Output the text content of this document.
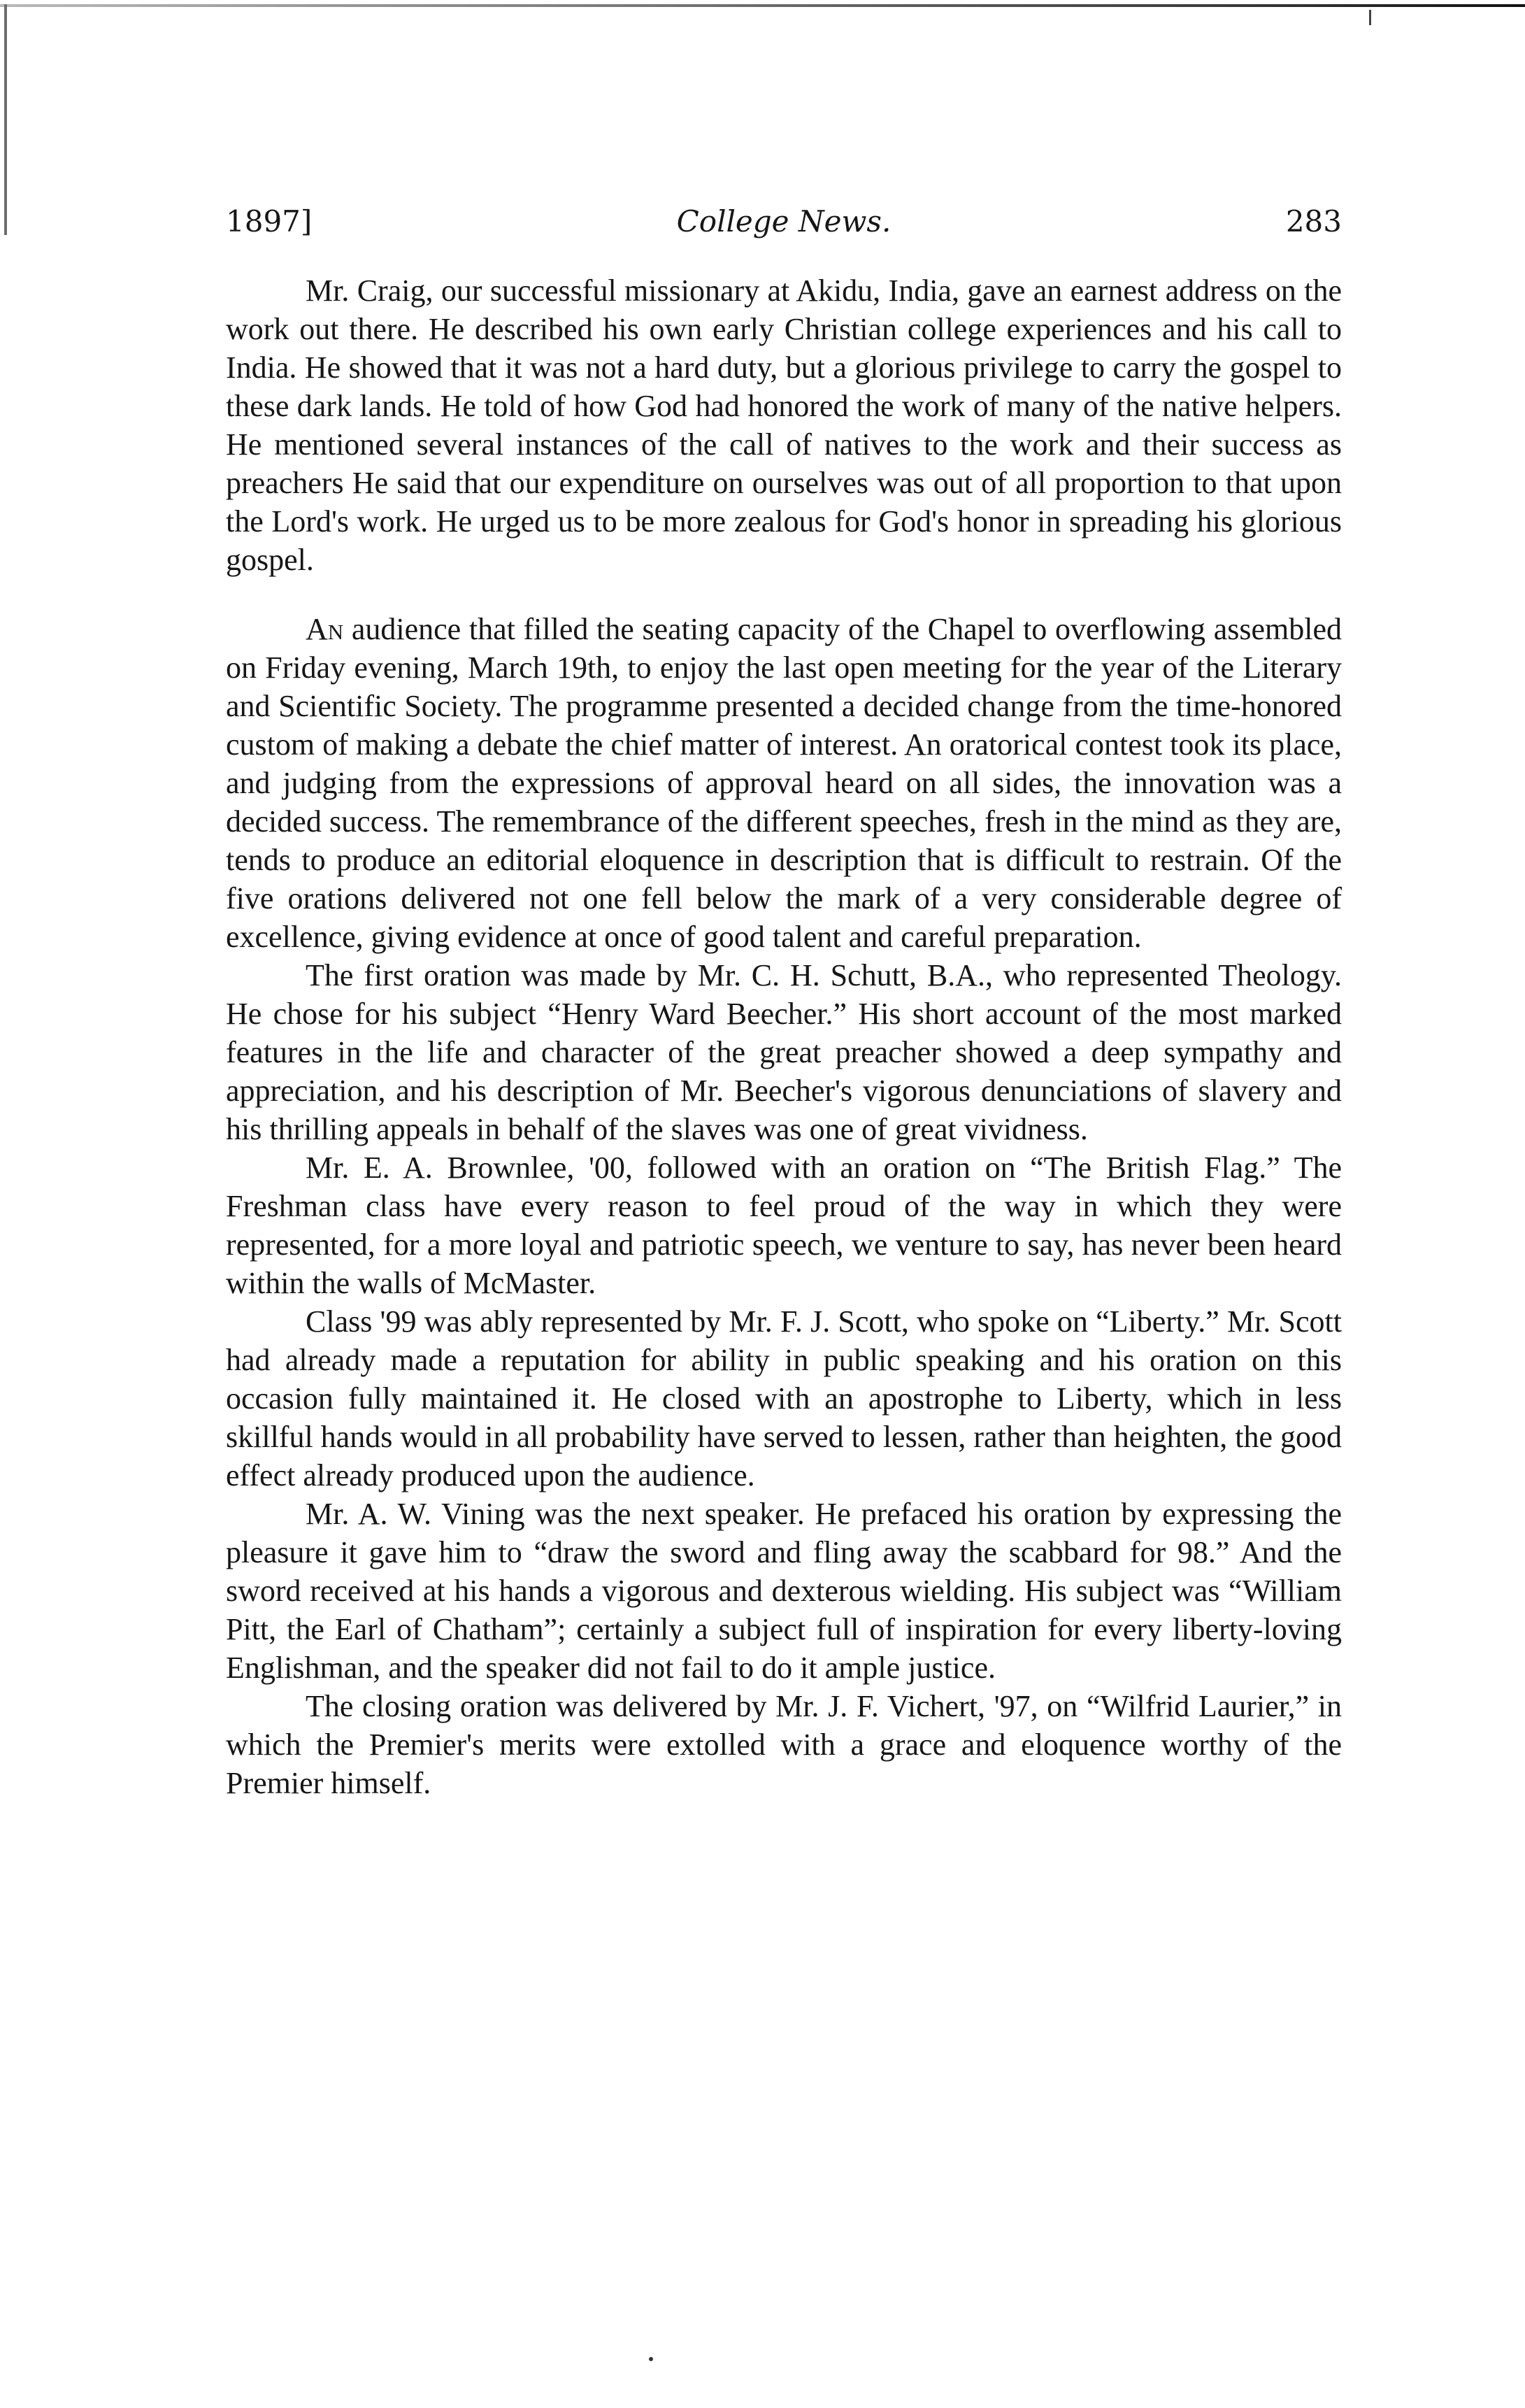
1897]	College News.	283

Mr. Craig, our successful missionary at Akidu, India, gave an earnest address on the work out there. He described his own early Christian college experiences and his call to India. He showed that it was not a hard duty, but a glorious privilege to carry the gospel to these dark lands. He told of how God had honored the work of many of the native helpers. He mentioned several instances of the call of natives to the work and their success as preachers He said that our expenditure on ourselves was out of all proportion to that upon the Lord's work. He urged us to be more zealous for God's honor in spreading his glorious gospel.

An audience that filled the seating capacity of the Chapel to overflowing assembled on Friday evening, March 19th, to enjoy the last open meeting for the year of the Literary and Scientific Society. The programme presented a decided change from the time-honored custom of making a debate the chief matter of interest. An oratorical contest took its place, and judging from the expressions of approval heard on all sides, the innovation was a decided success. The remembrance of the different speeches, fresh in the mind as they are, tends to produce an editorial eloquence in description that is difficult to restrain. Of the five orations delivered not one fell below the mark of a very considerable degree of excellence, giving evidence at once of good talent and careful preparation.

The first oration was made by Mr. C. H. Schutt, B.A., who represented Theology. He chose for his subject “Henry Ward Beecher.” His short account of the most marked features in the life and character of the great preacher showed a deep sympathy and appreciation, and his description of Mr. Beecher's vigorous denunciations of slavery and his thrilling appeals in behalf of the slaves was one of great vividness.

Mr. E. A. Brownlee, '00, followed with an oration on “The British Flag.” The Freshman class have every reason to feel proud of the way in which they were represented, for a more loyal and patriotic speech, we venture to say, has never been heard within the walls of McMaster.

Class '99 was ably represented by Mr. F. J. Scott, who spoke on “Liberty.” Mr. Scott had already made a reputation for ability in public speaking and his oration on this occasion fully maintained it. He closed with an apostrophe to Liberty, which in less skillful hands would in all probability have served to lessen, rather than heighten, the good effect already produced upon the audience.

Mr. A. W. Vining was the next speaker. He prefaced his oration by expressing the pleasure it gave him to “draw the sword and fling away the scabbard for 98.” And the sword received at his hands a vigorous and dexterous wielding. His subject was “William Pitt, the Earl of Chatham”; certainly a subject full of inspiration for every liberty-loving Englishman, and the speaker did not fail to do it ample justice.

The closing oration was delivered by Mr. J. F. Vichert, '97, on “Wilfrid Laurier,” in which the Premier's merits were extolled with a grace and eloquence worthy of the Premier himself.
